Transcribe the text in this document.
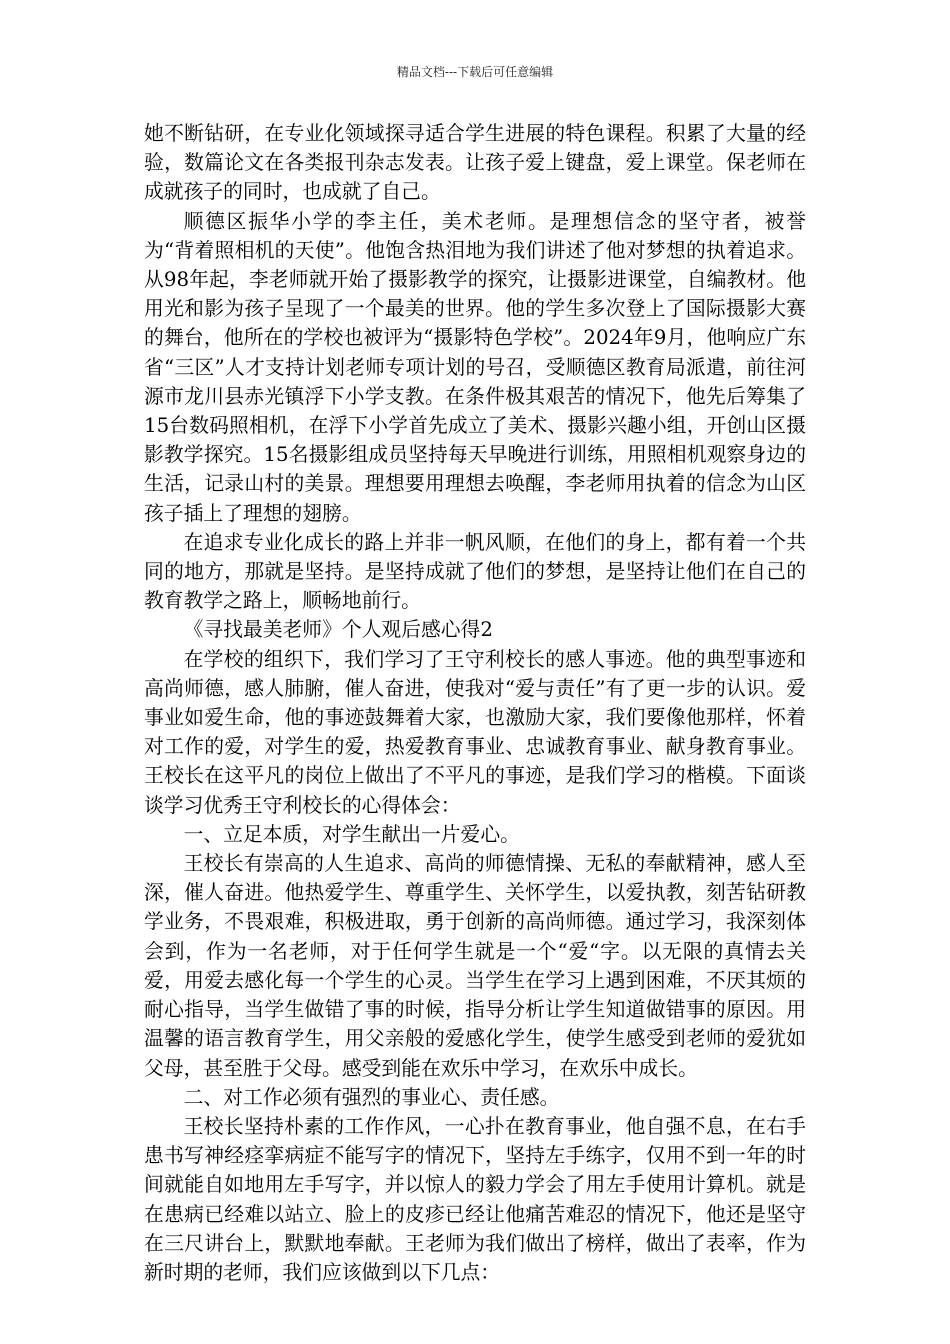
精品文档---下载后可任意编辑

她不断钻研，在专业化领域探寻适合学生进展的特色课程。积累了大量的经验，数篇论文在各类报刊杂志发表。让孩子爱上键盘，爱上课堂。保老师在成就孩子的同时，也成就了自己。

顺德区振华小学的李主任，美术老师。是理想信念的坚守者，被誉为“背着照相机的天使”。他饱含热泪地为我们讲述了他对梦想的执着追求。从98年起，李老师就开始了摄影教学的探究，让摄影进课堂，自编教材。他用光和影为孩子呈现了一个最美的世界。他的学生多次登上了国际摄影大赛的舞台，他所在的学校也被评为“摄影特色学校”。2024年9月，他响应广东省“三区”人才支持计划老师专项计划的号召，受顺德区教育局派遣，前往河源市龙川县赤光镇浮下小学支教。在条件极其艰苦的情况下，他先后筹集了15台数码照相机，在浮下小学首先成立了美术、摄影兴趣小组，开创山区摄影教学探究。15名摄影组成员坚持每天早晚进行训练，用照相机观察身边的生活，记录山村的美景。理想要用理想去唤醒，李老师用执着的信念为山区孩子插上了理想的翅膀。

在追求专业化成长的路上并非一帆风顺，在他们的身上，都有着一个共同的地方，那就是坚持。是坚持成就了他们的梦想，是坚持让他们在自己的教育教学之路上，顺畅地前行。

《寻找最美老师》个人观后感心得2

在学校的组织下，我们学习了王守利校长的感人事迹。他的典型事迹和高尚师德，感人肺腑，催人奋进，使我对“爱与责任”有了更一步的认识。爱事业如爱生命，他的事迹鼓舞着大家，也激励大家，我们要像他那样，怀着对工作的爱，对学生的爱，热爱教育事业、忠诚教育事业、献身教育事业。王校长在这平凡的岗位上做出了不平凡的事迹，是我们学习的楷模。下面谈谈学习优秀王守利校长的心得体会：

一、立足本质，对学生献出一片爱心。

王校长有崇高的人生追求、高尚的师德情操、无私的奉献精神，感人至深，催人奋进。他热爱学生、尊重学生、关怀学生，以爱执教，刻苦钻研教学业务，不畏艰难，积极进取，勇于创新的高尚师德。通过学习，我深刻体会到，作为一名老师，对于任何学生就是一个“爱“字。以无限的真情去关爱，用爱去感化每一个学生的心灵。当学生在学习上遇到困难，不厌其烦的耐心指导，当学生做错了事的时候，指导分析让学生知道做错事的原因。用温馨的语言教育学生，用父亲般的爱感化学生，使学生感受到老师的爱犹如父母，甚至胜于父母。感受到能在欢乐中学习，在欢乐中成长。

二、对工作必须有强烈的事业心、责任感。

王校长坚持朴素的工作作风，一心扑在教育事业，他自强不息，在右手患书写神经痉挛病症不能写字的情况下，坚持左手练字，仅用不到一年的时间就能自如地用左手写字，并以惊人的毅力学会了用左手使用计算机。就是在患病已经难以站立、脸上的皮疹已经让他痛苦难忍的情况下，他还是坚守在三尺讲台上，默默地奉献。王老师为我们做出了榜样，做出了表率，作为新时期的老师，我们应该做到以下几点：
